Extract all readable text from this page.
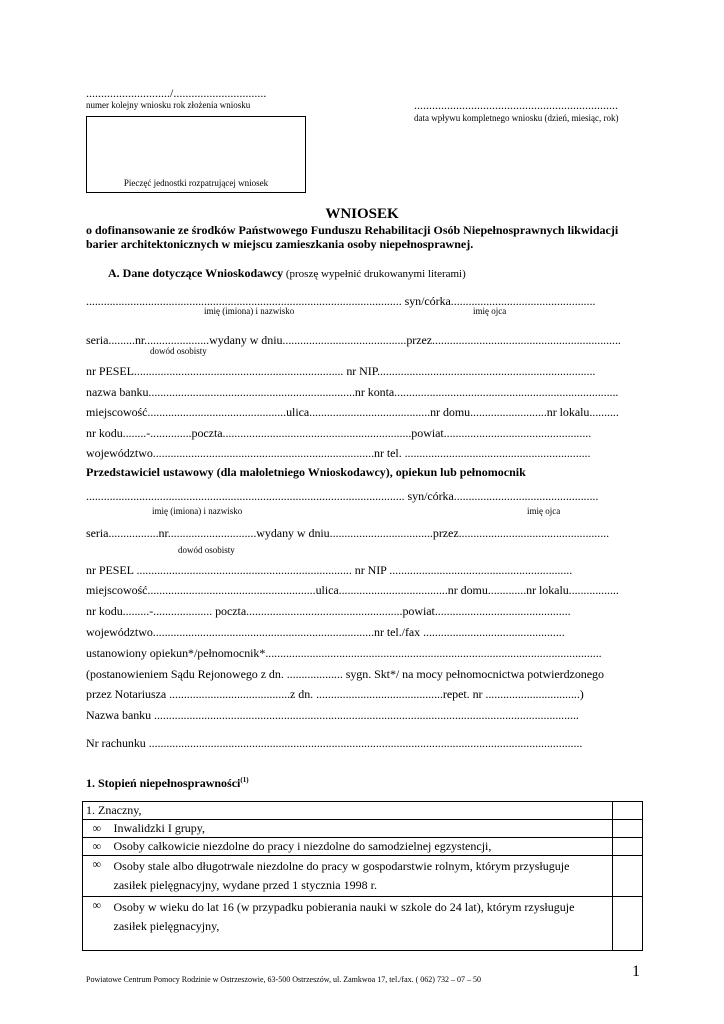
............................/...............................
numer kolejny wniosku rok złożenia wniosku	....................................................................
data wpływu kompletnego wniosku (dzień, miesiąc, rok)
Pieczęć jednostki rozpatrującej wniosek
WNIOSEK
o dofinansowanie ze środków Państwowego Funduszu Rehabilitacji Osób Niepełnosprawnych likwidacji
barier architektonicznych w miejscu zamieszkania osoby niepełnosprawnej.
A. Dane dotyczące Wnioskodawcy (proszę wypełnić drukowanymi literami)
........................................................................................................... syn/córka.................................................
imię (imiona) i nazwisko	imię ojca
seria.........nr......................wydany w dniu..........................................przez................................................................
dowód osobisty
nr PESEL....................................................................... nr NIP..........................................................................
nazwa banku......................................................................nr konta............................................................................
miejscowość...............................................ulica.........................................nr domu..........................nr lokalu..........
nr kodu........-..............poczta................................................................powiat..................................................
województwo...........................................................................nr tel. ...............................................................
Przedstawiciel ustawowy (dla małoletniego Wnioskodawcy), opiekun lub pełnomocnik
............................................................................................................ syn/córka.................................................
imię (imiona) i nazwisko	imię ojca
seria.................nr..............................wydany w dniu...................................przez...................................................
dowód osobisty
nr PESEL ......................................................................... nr NIP ..............................................................
miejscowość.........................................................ulica.....................................nr domu.............nr lokalu.................
nr kodu.........-.................... poczta.....................................................powiat..............................................
województwo...........................................................................nr tel./fax ................................................
ustanowiony opiekun*/pełnomocnik*..................................................................................................................
(postanowieniem Sądu Rejonowego z dn. ................... sygn. Skt*/ na mocy pełnomocnictwa potwierdzonego
przez Notariusza .........................................z dn. ...........................................repet. nr ................................)
Nazwa banku ................................................................................................................................................
Nr rachunku ...................................................................................................................................................
1. Stopień niepełnosprawności$^{(1)}$
1. Znaczny,		
∞	Inwalidzki I grupy,	
∞	Osoby całkowicie niezdolne do pracy i niezdolne do samodzielnej egzystencji,	
∞	Osoby stale albo długotrwale niezdolne do pracy w gospodarstwie rolnym, którym przysługuje
zasiłek pielęgnacyjny, wydane przed 1 stycznia 1998 r.	

∞	Osoby w wieku do lat 16 (w przypadku pobierania nauki w szkole do 24 lat), którym rzysługuje
zasiłek pielęgnacyjny,	

Powiatowe Centrum Pomocy Rodzinie w Ostrzeszowie, 63-500 Ostrzeszów, ul. Zamkwoa 17, tel./fax. ( 062) 732 – 07 – 50	1
